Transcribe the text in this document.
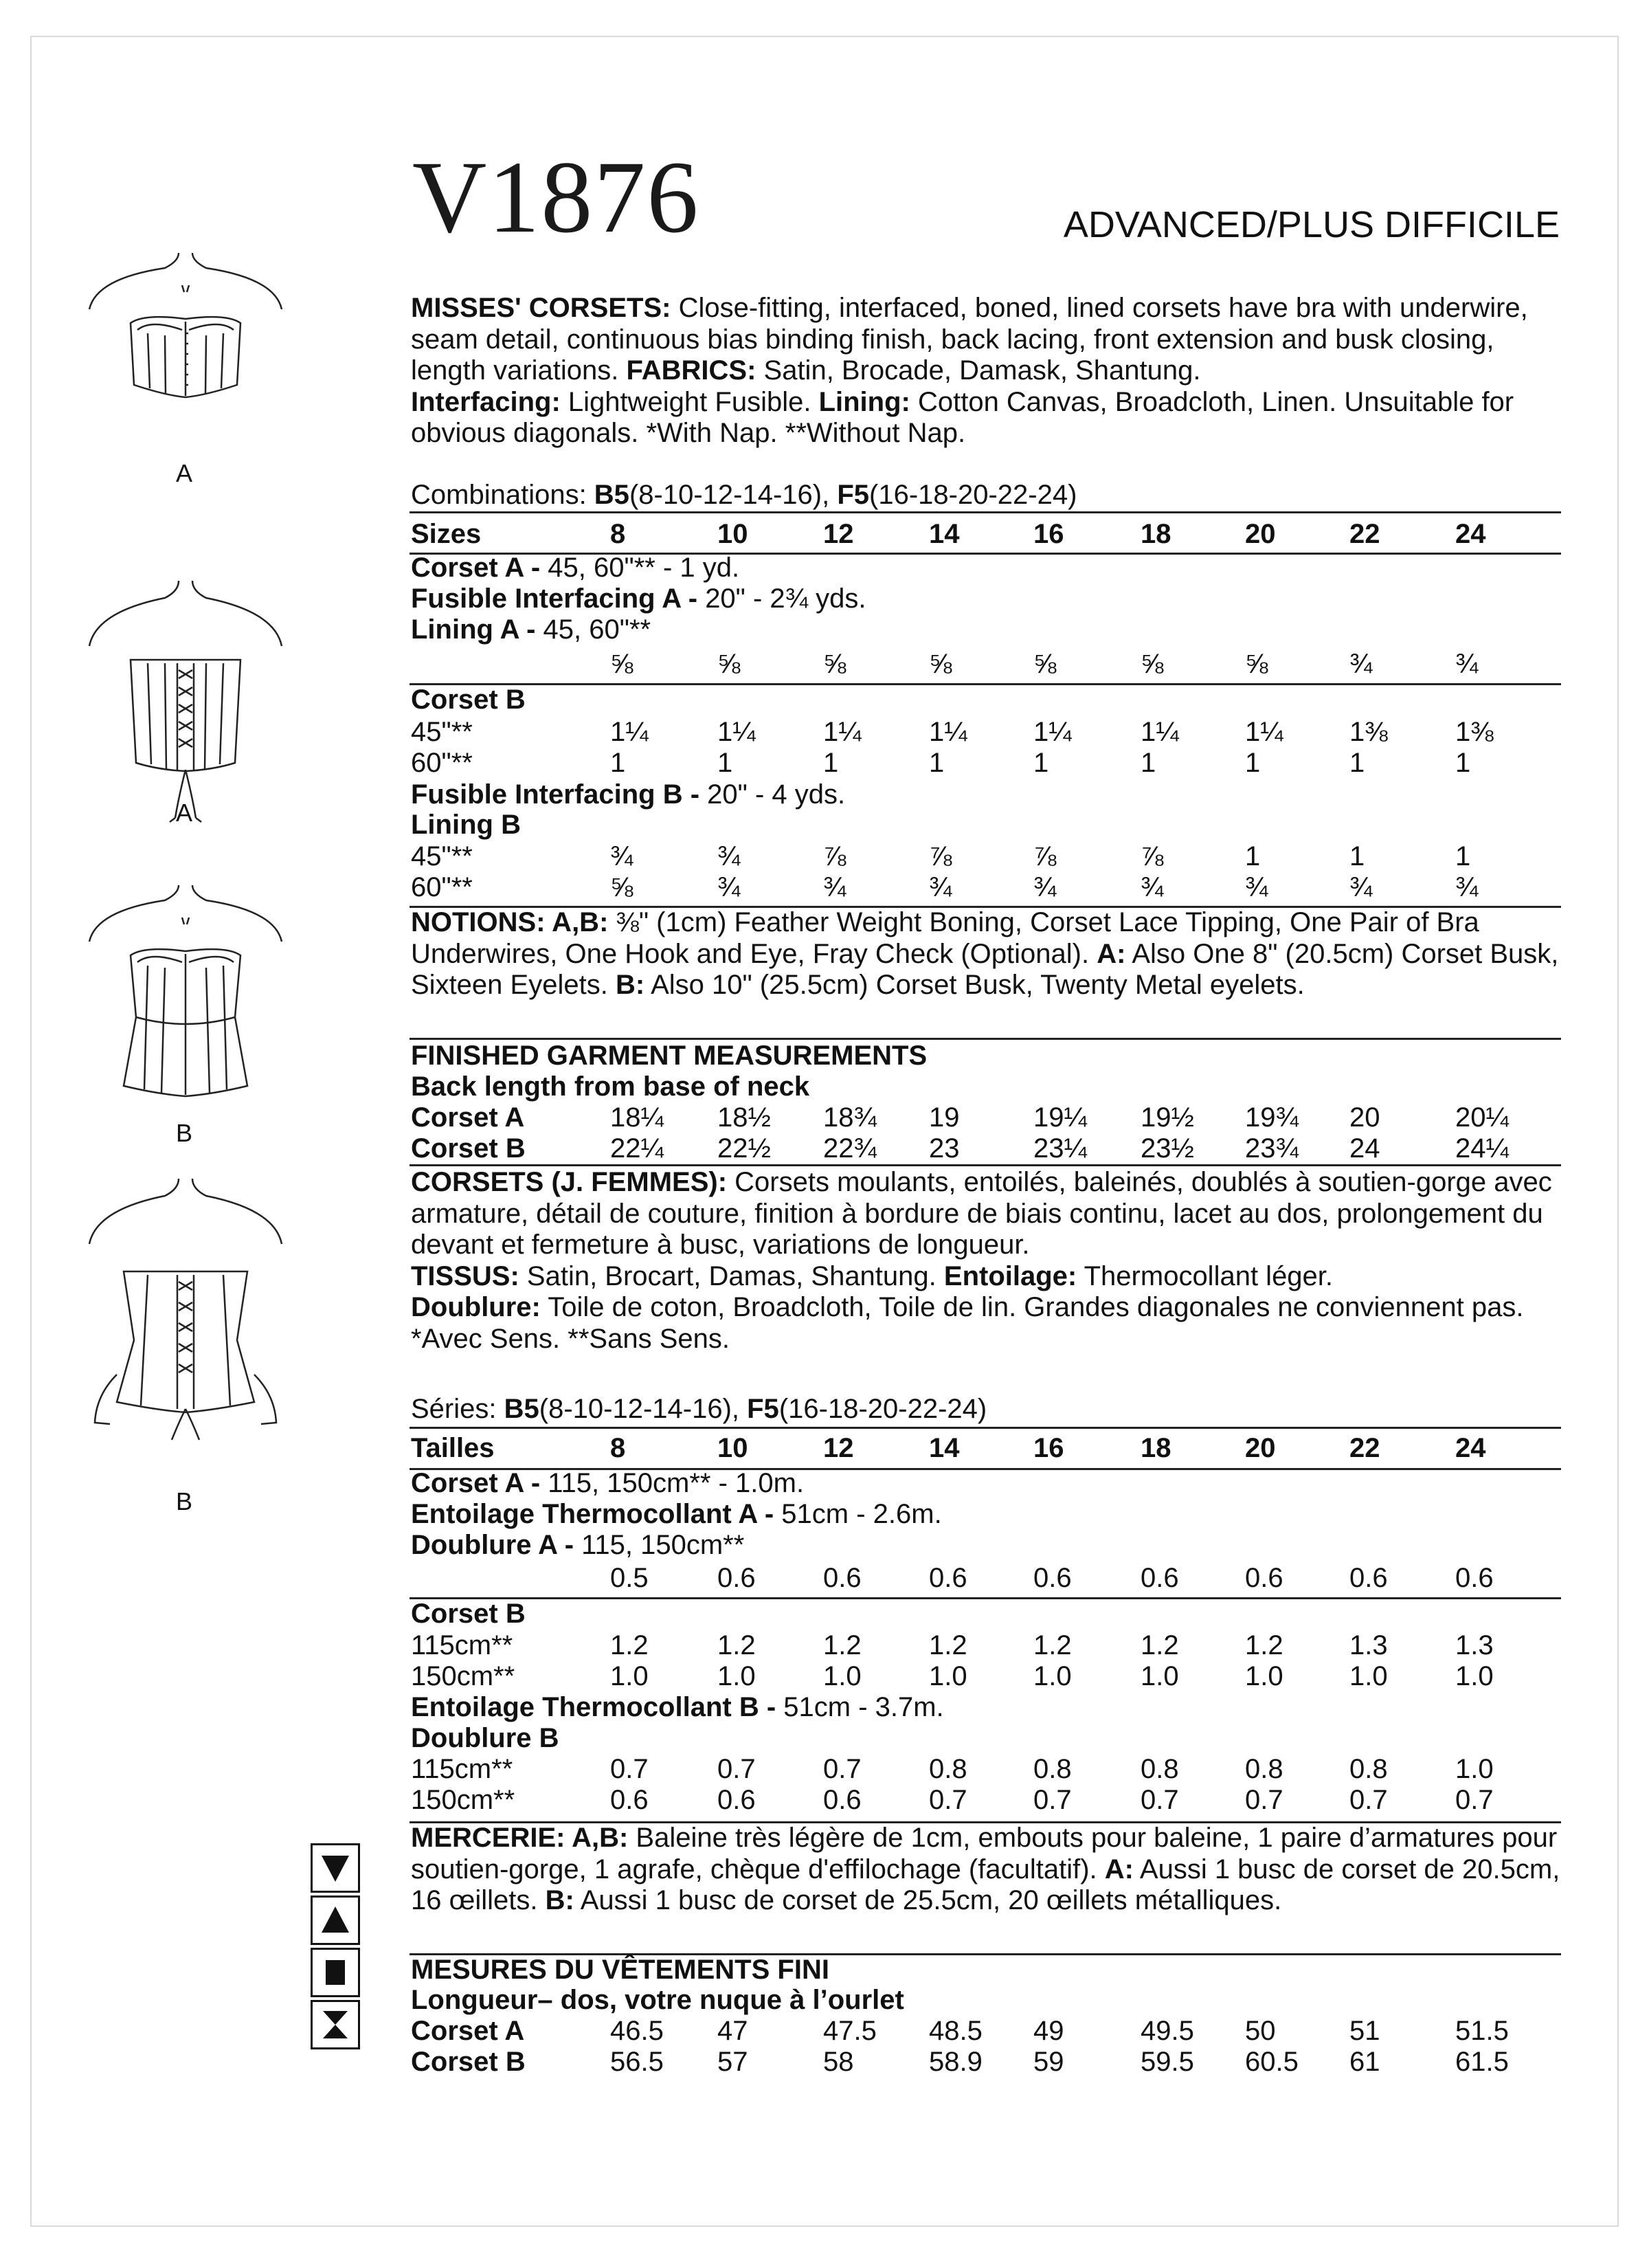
V1876	ADVANCED/PLUS DIFFICILE
A
A
B
B
MISSES' CORSETS: Close-fitting, interfaced, boned, lined corsets have bra with underwire, seam detail, continuous bias binding finish, back lacing, front extension and busk closing, length variations. FABRICS: Satin, Brocade, Damask, Shantung.
Interfacing: Lightweight Fusible. Lining: Cotton Canvas, Broadcloth, Linen. Unsuitable for obvious diagonals. *With Nap. **Without Nap.
Combinations: B5(8-10-12-14-16), F5(16-18-20-22-24)
Corset A - 45, 60"** - 1 yd.
Fusible Interfacing A - 20" - 2¾ yds.
Lining A - 45, 60"**
Corset B
Fusible Interfacing B - 20" - 4 yds.
Lining B
NOTIONS: A,B: ⅜" (1cm) Feather Weight Boning, Corset Lace Tipping, One Pair of Bra Underwires, One Hook and Eye, Fray Check (Optional). A: Also One 8" (20.5cm) Corset Busk, Sixteen Eyelets. B: Also 10" (25.5cm) Corset Busk, Twenty Metal eyelets.
FINISHED GARMENT MEASUREMENTS
Back length from base of neck
CORSETS (J. FEMMES): Corsets moulants, entoilés, baleinés, doublés à soutien-gorge avec armature, détail de couture, finition à bordure de biais continu, lacet au dos, prolongement du devant et fermeture à busc, variations de longueur.
TISSUS: Satin, Brocart, Damas, Shantung. Entoilage: Thermocollant léger.
Doublure: Toile de coton, Broadcloth, Toile de lin. Grandes diagonales ne conviennent pas. *Avec Sens. **Sans Sens.
Séries: B5(8-10-12-14-16), F5(16-18-20-22-24)
Corset A - 115, 150cm** - 1.0m.
Entoilage Thermocollant A - 51cm - 2.6m.
Doublure A - 115, 150cm**
Corset B
Entoilage Thermocollant B - 51cm - 3.7m.
Doublure B
MERCERIE: A,B: Baleine très légère de 1cm, embouts pour baleine, 1 paire d’armatures pour soutien-gorge, 1 agrafe, chèque d'effilochage (facultatif). A: Aussi 1 busc de corset de 20.5cm, 16 œillets. B: Aussi 1 busc de corset de 25.5cm, 20 œillets métalliques.
MESURES DU VÊTEMENTS FINI
Longueur– dos, votre nuque à l’ourlet
Sizes	8	10	12	14	16	18	20	22	24
⅝	⅝	⅝	⅝	⅝	⅝	⅝	¾	¾
45"**	1¼	1¼ 1¼ 1¼ 1¼	1¼ 1¼ 1⅜ 1⅜
60"**	1	1	1	1	1	1	1	1	1
45"**	¾	¾	⅞	⅞	⅞	⅞	1	1	1
60"**	⅝	¾	¾	¾	¾	¾	¾	¾	¾
Corset A	18¼ 18½ 18¾ 19	19¼ 19½ 19¾ 20	20¼
Corset B	22¼ 22½ 22¾ 23	23¼ 23½ 23¾ 24	24¼
Tailles	8	10	12	14	16	18	20	22	24
0.5	0.6 0.6 0.6 0.6	0.6 0.6 0.6 0.6
115cm**	1.2	1.2 1.2 1.2 1.2	1.2 1.2 1.3 1.3
150cm**	1.0	1.0 1.0 1.0 1.0	1.0 1.0 1.0 1.0
115cm**	0.7	0.7 0.7 0.8 0.8	0.8 0.8 0.8 1.0
150cm**	0.6	0.6 0.6 0.7 0.7	0.7 0.7 0.7 0.7
Corset A	46.5 47	47.5 48.5 49	49.5 50	51	51.5
Corset B	56.5 57	58	58.9 59	59.5 60.5 61	61.5
